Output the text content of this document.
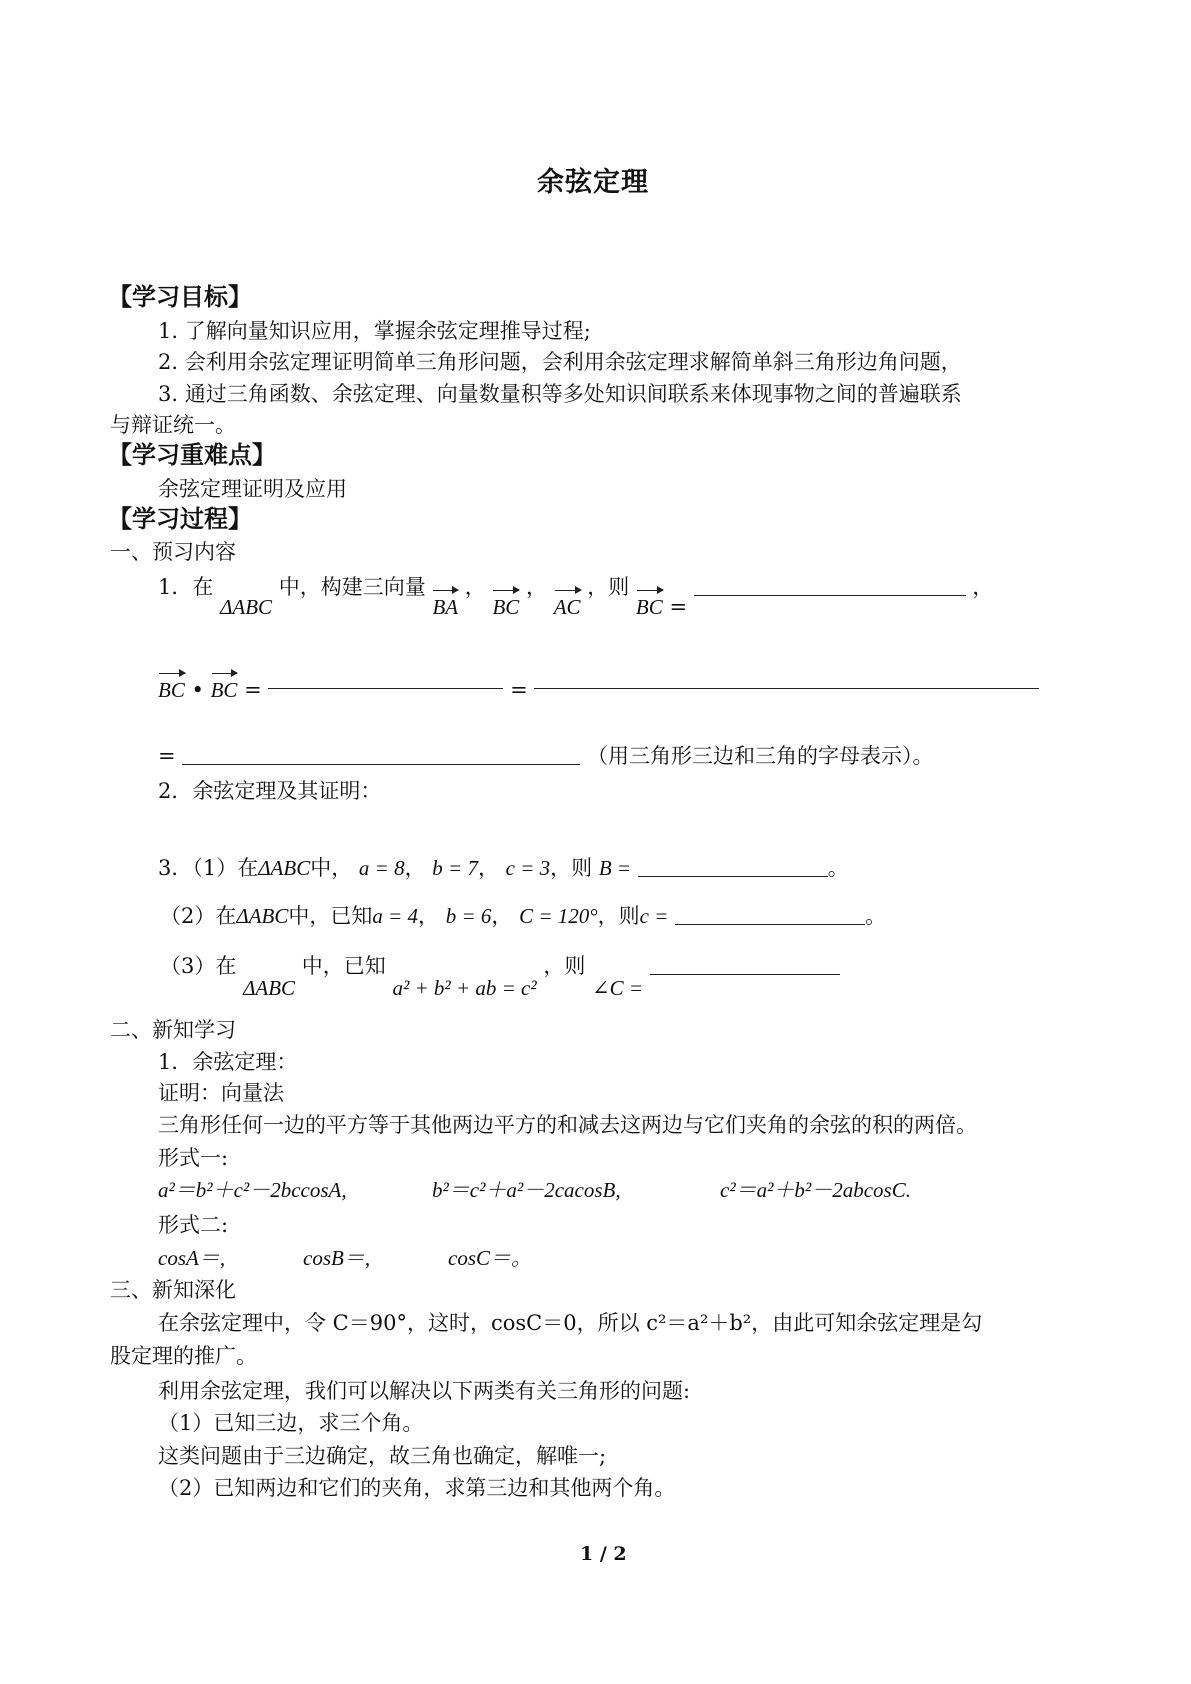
余弦定理
【学习目标】
1. 了解向量知识应用，掌握余弦定理推导过程;
2. 会利用余弦定理证明简单三角形问题，会利用余弦定理求解简单斜三角形边角问题，
3. 通过三角函数、余弦定理、向量数量积等多处知识间联系来体现事物之间的普遍联系
与辩证统一。
【学习重难点】
余弦定理证明及应用
【学习过程】
一、预习内容
1．在 ΔABC 中，构建三向量 BA ， BC ， AC ，则 BC =  ，
BC • BC =	=
=	（用三角形三边和三角的字母表示）。
2．余弦定理及其证明：
3．（1）在ΔABC中， a = 8， b = 7， c = 3，则 B =	。
（2）在ΔABC中，已知a = 4， b = 6， C = 120°，则c =	。
（3）在 ΔABC 中，已知 a² + b² + ab = c² ，则 ∠C =
二、新知学习
1．余弦定理：
证明：向量法
三角形任何一边的平方等于其他两边平方的和减去这两边与它们夹角的余弦的积的两倍。
形式一:
a²＝b²＋c²－2bccosA,	b²＝c²＋a²－2cacosB,	c²＝a²＋b²－2abcosC.
形式二:
cosA＝,	cosB＝,	cosC＝。
三、新知深化
在余弦定理中，令 C＝90°，这时，cosC＝0，所以 c²＝a²＋b²，由此可知余弦定理是勾
股定理的推广。
利用余弦定理，我们可以解决以下两类有关三角形的问题:
（1）已知三边，求三个角。
这类问题由于三边确定，故三角也确定，解唯一;
（2）已知两边和它们的夹角，求第三边和其他两个角。
1 / 2
